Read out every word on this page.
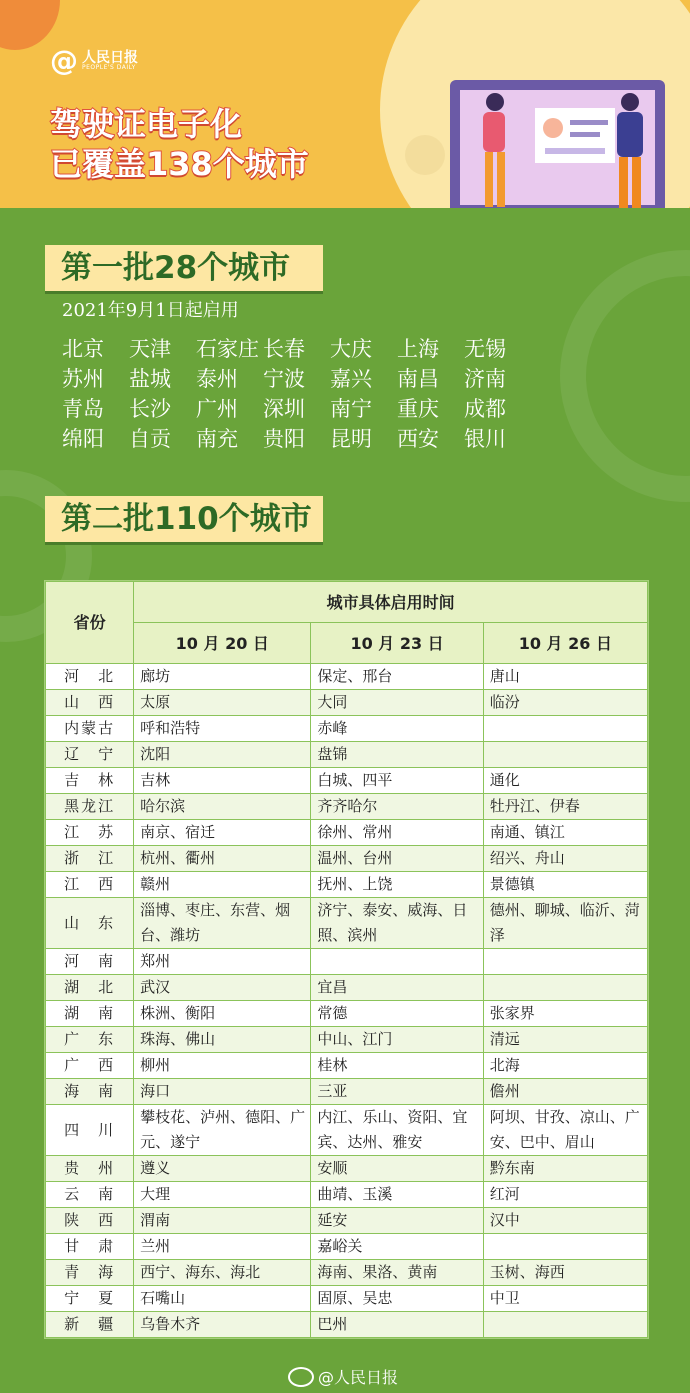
@ 人民日报
PEOPLE'S DAILY
驾驶证电子化
已覆盖138个城市
第一批28个城市
2021年9月1日起启用
北京	天津	石家庄 长春	大庆	上海	无锡
苏州	盐城	泰州	宁波	嘉兴	南昌	济南
青岛	长沙	广州	深圳	南宁	重庆	成都
绵阳	自贡	南充	贵阳	昆明	西安	银川
第二批110个城市
省份	城市具体启用时间		
	10 月 20 日	10 月 23 日	10 月 26 日
河　北	廊坊	保定、邢台	唐山
山　西	太原	大同	临汾
内蒙古	呼和浩特	赤峰	
辽　宁	沈阳	盘锦	
吉　林	吉林	白城、四平	通化
黑龙江	哈尔滨	齐齐哈尔	牡丹江、伊春
江　苏	南京、宿迁	徐州、常州	南通、镇江
浙　江	杭州、衢州	温州、台州	绍兴、舟山
江　西	赣州	抚州、上饶	景德镇
山　东	淄博、枣庄、东营、烟台、潍坊	济宁、泰安、威海、日照、滨州	德州、聊城、临沂、菏泽
河　南	郑州		
湖　北	武汉	宜昌	
湖　南	株洲、衡阳	常德	张家界
广　东	珠海、佛山	中山、江门	清远
广　西	柳州	桂林	北海
海　南	海口	三亚	儋州
四　川	攀枝花、泸州、德阳、广元、遂宁	内江、乐山、资阳、宜宾、达州、雅安	阿坝、甘孜、凉山、广安、巴中、眉山
贵　州	遵义	安顺	黔东南
云　南	大理	曲靖、玉溪	红河
陕　西	渭南	延安	汉中
甘　肃	兰州	嘉峪关	
青　海	西宁、海东、海北	海南、果洛、黄南	玉树、海西
宁　夏	石嘴山	固原、吴忠	中卫
新　疆	乌鲁木齐	巴州	
@人民日报
